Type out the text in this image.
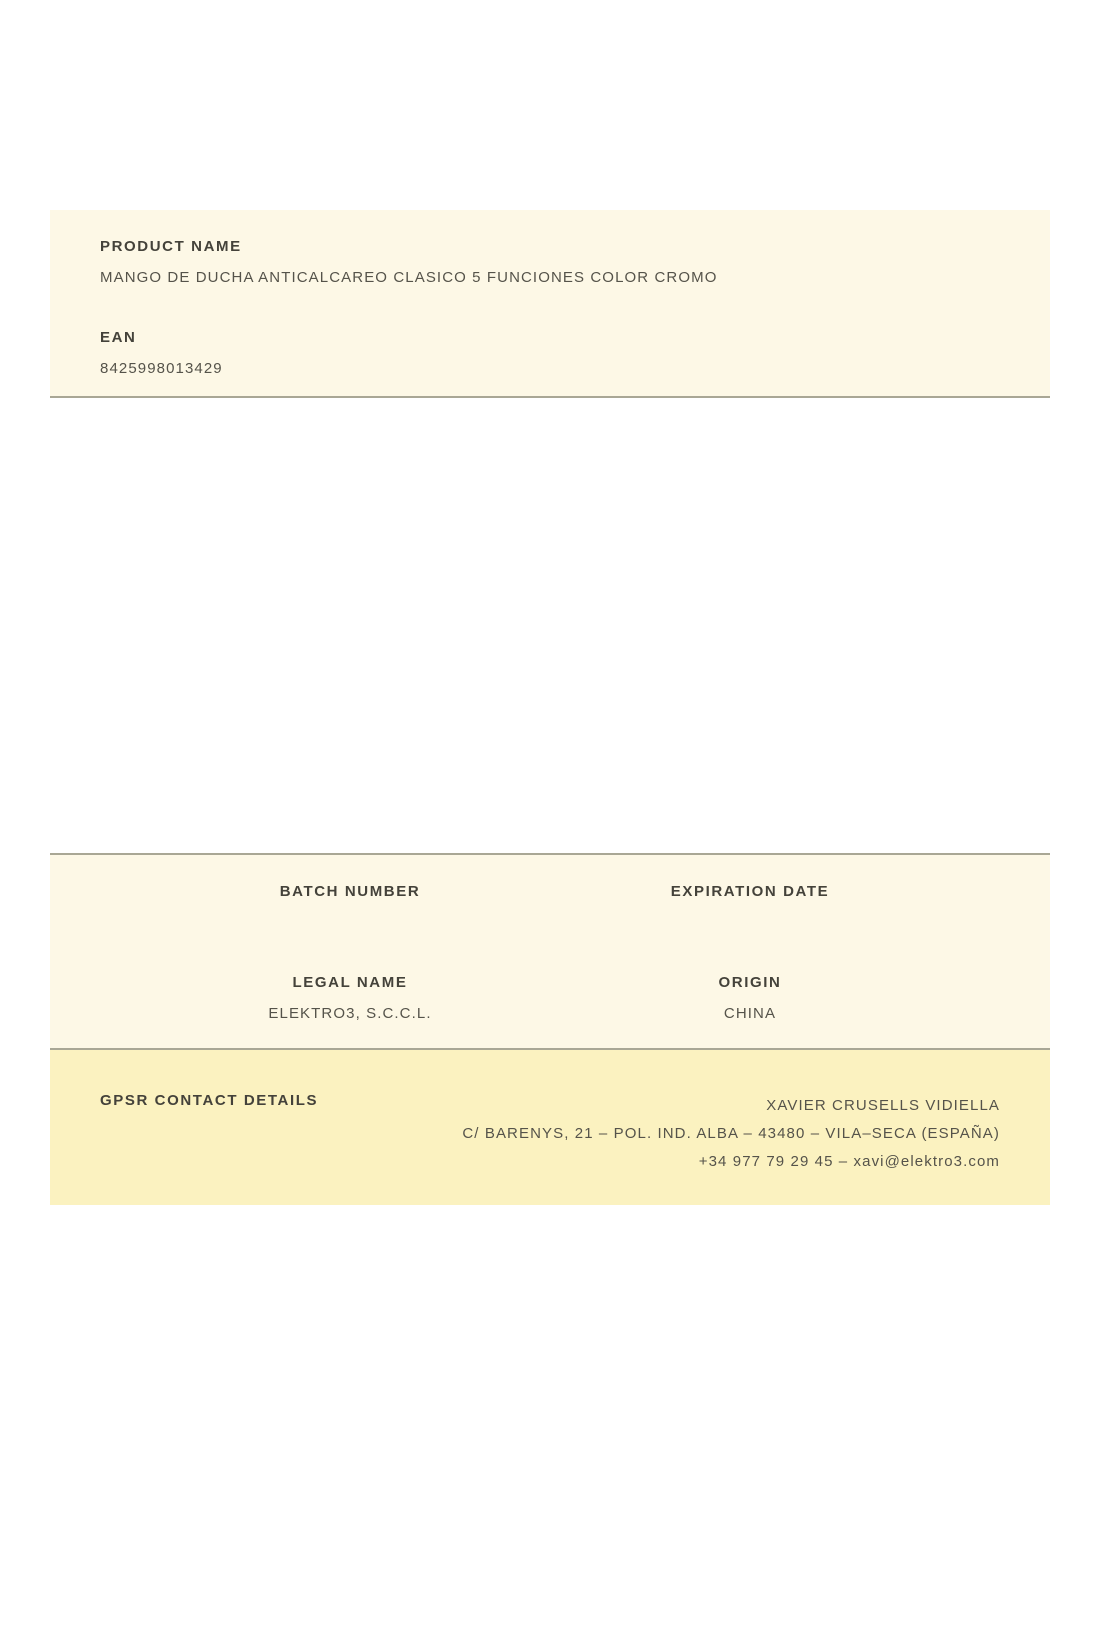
PRODUCT NAME
MANGO DE DUCHA ANTICALCAREO CLASICO 5 FUNCIONES COLOR CROMO
EAN
8425998013429
BATCH NUMBER	EXPIRATION DATE
LEGAL NAME
ELEKTRO3, S.C.C.L.
ORIGIN
CHINA
GPSR CONTACT DETAILS	XAVIER CRUSELLS VIDIELLA
C/ BARENYS, 21 – POL. IND. ALBA – 43480 – VILA–SECA (ESPAÑA)
+34 977 79 29 45 – xavi@elektro3.com
